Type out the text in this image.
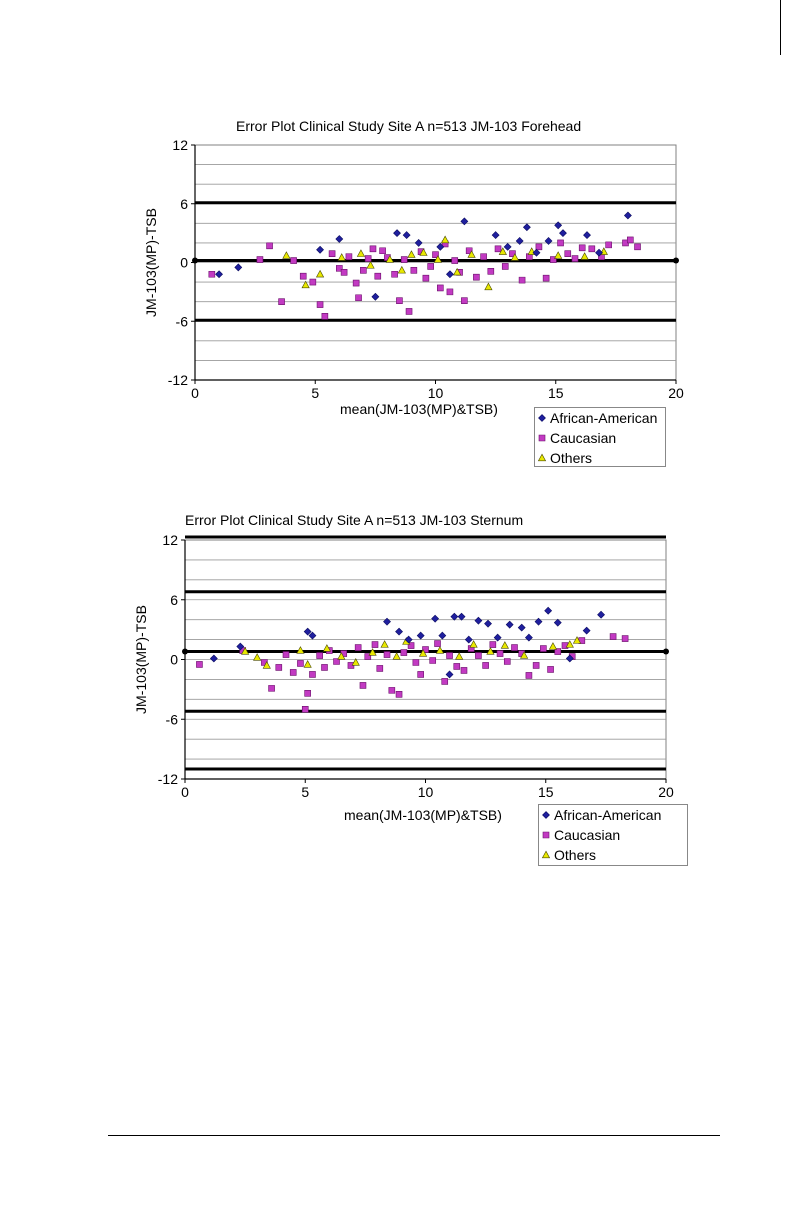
Error Plot Clinical Study Site A n=513 JM-103 Forehead
12
6
0
-6
-12
0	5	10	15	20
JM-103(MP)-TSB
mean(JM-103(MP)&TSB)
African-American
Caucasian
Others
Error Plot Clinical Study Site A n=513 JM-103 Sternum
12
6
0
-6
-12
0	5	10	15	20
JM-103(MP)-TSB
mean(JM-103(MP)&TSB)	African-American
Caucasian
Others
